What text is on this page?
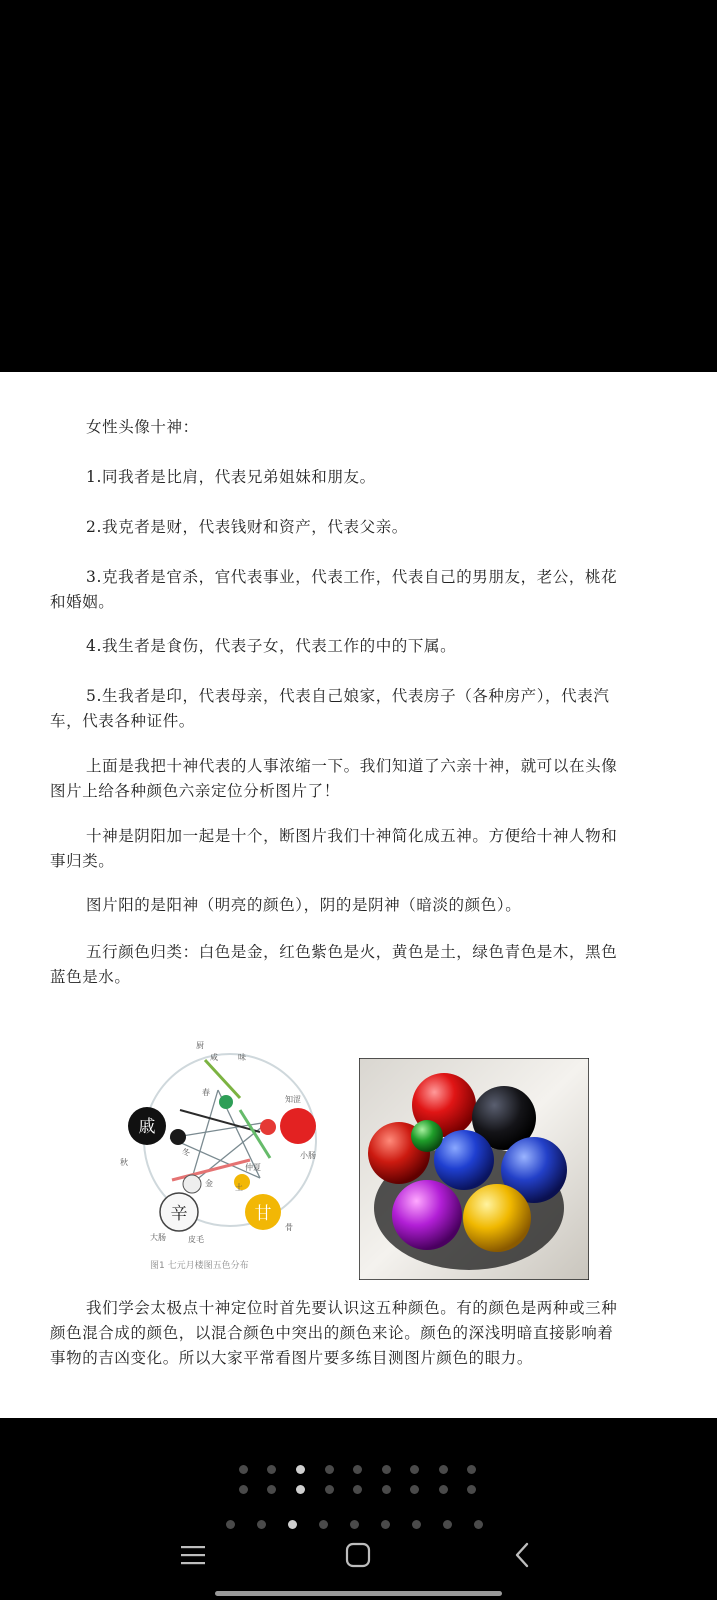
女性头像十神：
1.同我者是比肩，代表兄弟姐妹和朋友。
2.我克者是财，代表钱财和资产，代表父亲。
3.克我者是官杀，官代表事业，代表工作，代表自己的男朋友，老公，桃花
和婚姻。
4.我生者是食伤，代表子女，代表工作的中的下属。
5.生我者是印，代表母亲，代表自己娘家，代表房子（各种房产），代表汽
车，代表各种证件。
上面是我把十神代表的人事浓缩一下。我们知道了六亲十神，就可以在头像
图片上给各种颜色六亲定位分析图片了！
十神是阴阳加一起是十个，断图片我们十神简化成五神。方便给十神人物和
事归类。
图片阳的是阳神（明亮的颜色），阴的是阴神（暗淡的颜色）。
五行颜色归类：白色是金，红色紫色是火，黄色是土，绿色青色是木，黑色
蓝色是水。
戚
辛	甘
厨
咸	味
春
知涩
小肠
金	土
仲夏
秋
大肠	皮毛
骨
冬
图1 七元月楼图五色分布
我们学会太极点十神定位时首先要认识这五种颜色。有的颜色是两种或三种
颜色混合成的颜色，以混合颜色中突出的颜色来论。颜色的深浅明暗直接影响着
事物的吉凶变化。所以大家平常看图片要多练目测图片颜色的眼力。
